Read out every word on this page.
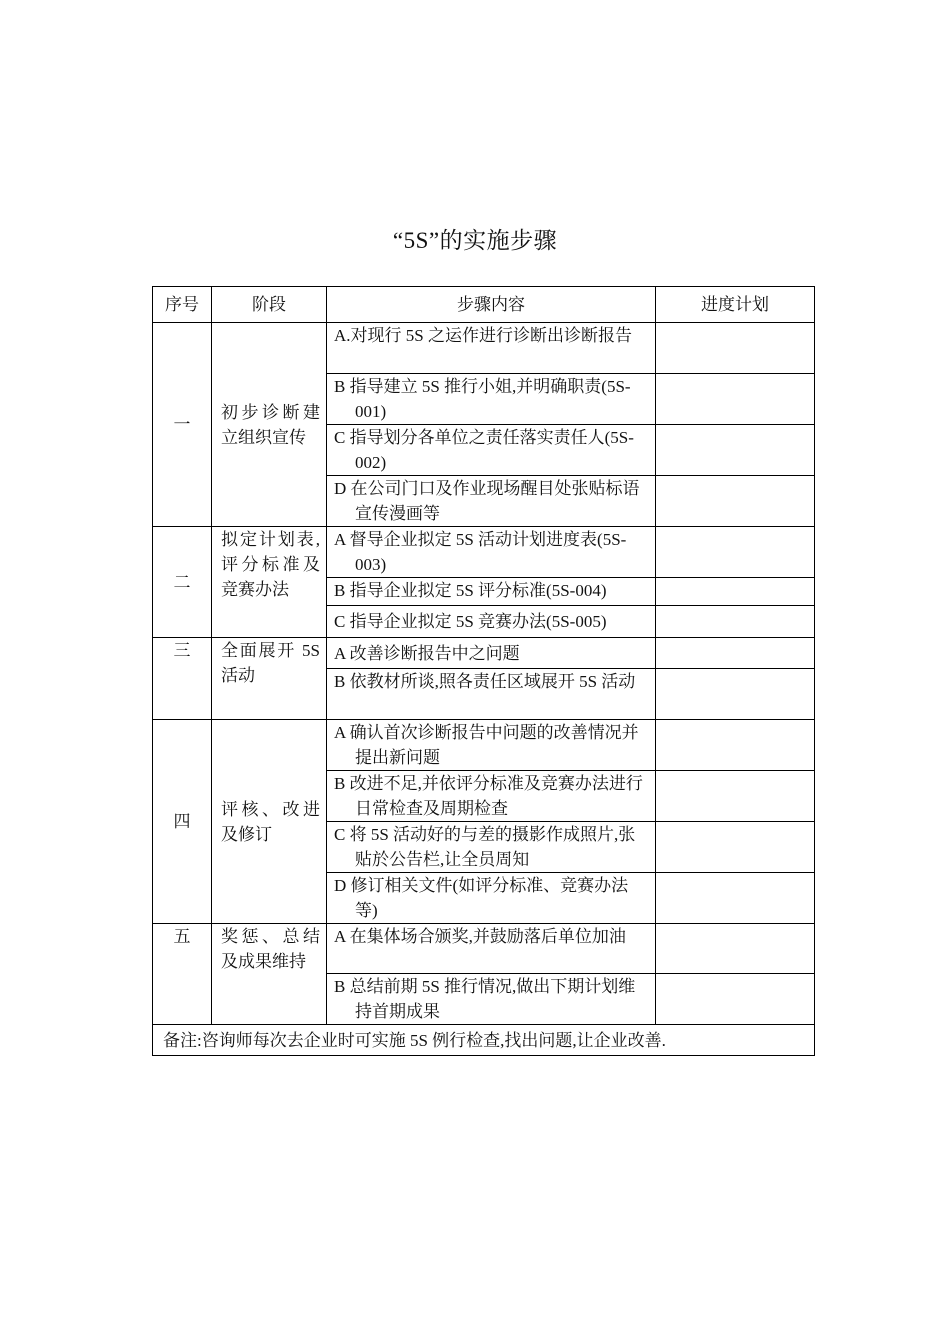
“5S”的实施步骤
序号	阶段	步骤内容	进度计划
一	初步诊断建立组织宣传	A.对现行 5S 之运作进行诊断出诊断报告	
		B 指导建立 5S 推行小姐,并明确职责(5S-001)	
		C 指导划分各单位之责任落实责任人(5S-002)	
		D 在公司门口及作业现场醒目处张贴标语宣传漫画等	
二	拟定计划表,评分标准及竞赛办法	A 督导企业拟定 5S 活动计划进度表(5S-003)	
		B 指导企业拟定 5S 评分标准(5S-004)	
		C 指导企业拟定 5S 竞赛办法(5S-005)	
三	全面展开 5S 活动	A 改善诊断报告中之问题	
		B 依教材所谈,照各责任区域展开 5S 活动	
四	评核、改进及修订	A 确认首次诊断报告中问题的改善情况并提出新问题	
		B 改进不足,并依评分标准及竞赛办法进行日常检查及周期检查	
		C 将 5S 活动好的与差的摄影作成照片,张贴於公告栏,让全员周知	
		D 修订相关文件(如评分标准、竞赛办法等)	
五	奖惩、总结及成果维持	A 在集体场合颁奖,并鼓励落后单位加油	
		B 总结前期 5S 推行情况,做出下期计划维持首期成果	
备注:咨询师每次去企业时可实施 5S 例行检查,找出问题,让企业改善.			
